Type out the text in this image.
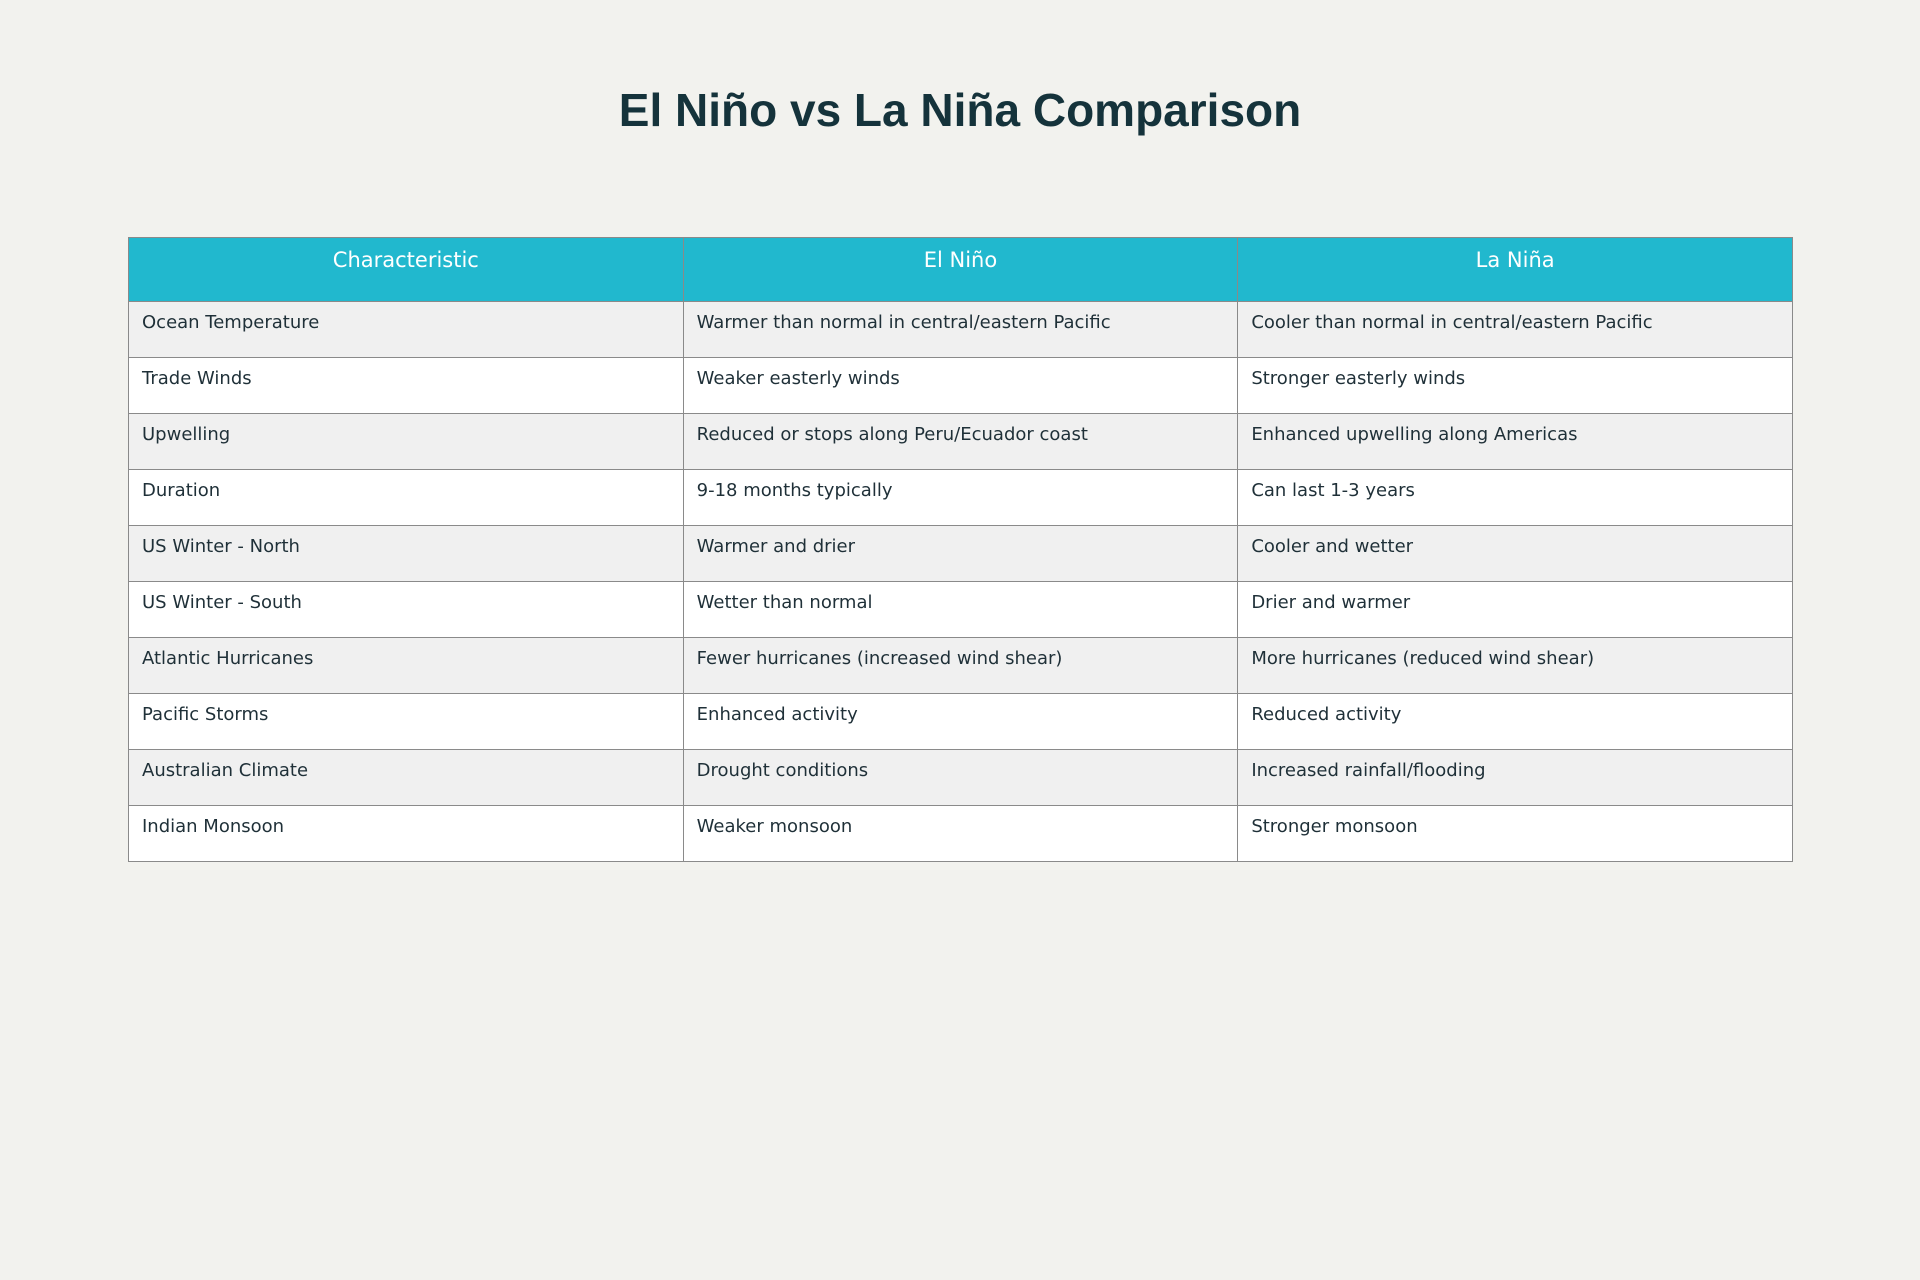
El Niño vs La Niña Comparison
Characteristic	El Niño	La Niña
Ocean Temperature	Warmer than normal in central/eastern Pacific	Cooler than normal in central/eastern Pacific
Trade Winds	Weaker easterly winds	Stronger easterly winds
Upwelling	Reduced or stops along Peru/Ecuador coast	Enhanced upwelling along Americas
Duration	9-18 months typically	Can last 1-3 years
US Winter - North	Warmer and drier	Cooler and wetter
US Winter - South	Wetter than normal	Drier and warmer
Atlantic Hurricanes	Fewer hurricanes (increased wind shear)	More hurricanes (reduced wind shear)
Pacific Storms	Enhanced activity	Reduced activity
Australian Climate	Drought conditions	Increased rainfall/flooding
Indian Monsoon	Weaker monsoon	Stronger monsoon
